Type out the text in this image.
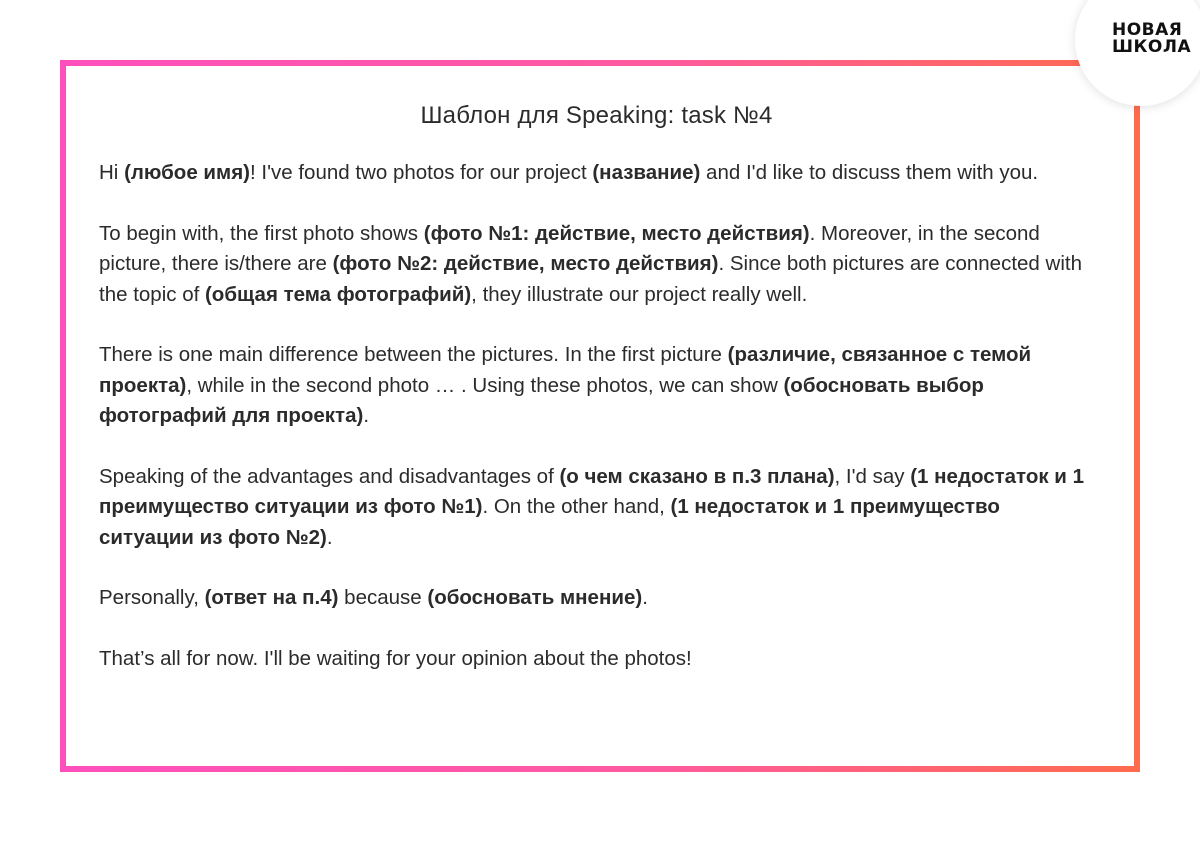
Шаблон для Speaking: task №4

Hi (любое имя)! I've found two photos for our project (название) and I'd like to discuss them with you.

To begin with, the first photo shows (фото №1: действие, место действия). Moreover, in the second picture, there is/there are (фото №2: действие, место действия). Since both pictures are connected with the topic of (общая тема фотографий), they illustrate our project really well.

There is one main difference between the pictures. In the first picture (различие, связанное с темой проекта), while in the second photo … . Using these photos, we can show (обосновать выбор фотографий для проекта).

Speaking of the advantages and disadvantages of (о чем сказано в п.3 плана), I'd say (1 недостаток и 1 преимущество ситуации из фото №1). On the other hand, (1 недостаток и 1 преимущество ситуации из фото №2).

Personally, (ответ на п.4) because (обосновать мнение).

That’s all for now. I'll be waiting for your opinion about the photos!

НОВАЯ
ШКОЛА
